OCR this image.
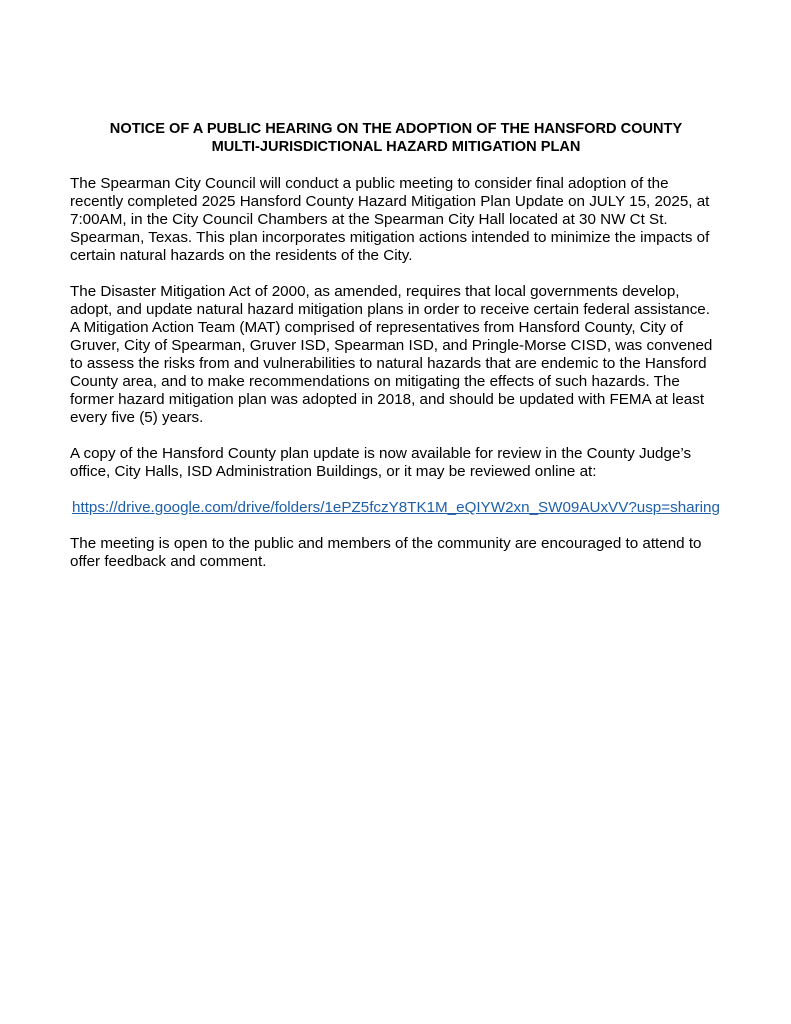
NOTICE OF A PUBLIC HEARING ON THE ADOPTION OF THE HANSFORD COUNTY
MULTI-JURISDICTIONAL HAZARD MITIGATION PLAN

The Spearman City Council will conduct a public meeting to consider final adoption of the recently completed 2025 Hansford County Hazard Mitigation Plan Update on JULY 15, 2025, at 7:00AM, in the City Council Chambers at the Spearman City Hall located at 30 NW Ct St. Spearman, Texas. This plan incorporates mitigation actions intended to minimize the impacts of certain natural hazards on the residents of the City.

The Disaster Mitigation Act of 2000, as amended, requires that local governments develop, adopt, and update natural hazard mitigation plans in order to receive certain federal assistance. A Mitigation Action Team (MAT) comprised of representatives from Hansford County, City of Gruver, City of Spearman, Gruver ISD, Spearman ISD, and Pringle-Morse CISD, was convened to assess the risks from and vulnerabilities to natural hazards that are endemic to the Hansford County area, and to make recommendations on mitigating the effects of such hazards. The former hazard mitigation plan was adopted in 2018, and should be updated with FEMA at least every five (5) years.

A copy of the Hansford County plan update is now available for review in the County Judge’s office, City Halls, ISD Administration Buildings, or it may be reviewed online at:

https://drive.google.com/drive/folders/1ePZ5fczY8TK1M_eQIYW2xn_SW09AUxVV?usp=sharing

The meeting is open to the public and members of the community are encouraged to attend to offer feedback and comment.
